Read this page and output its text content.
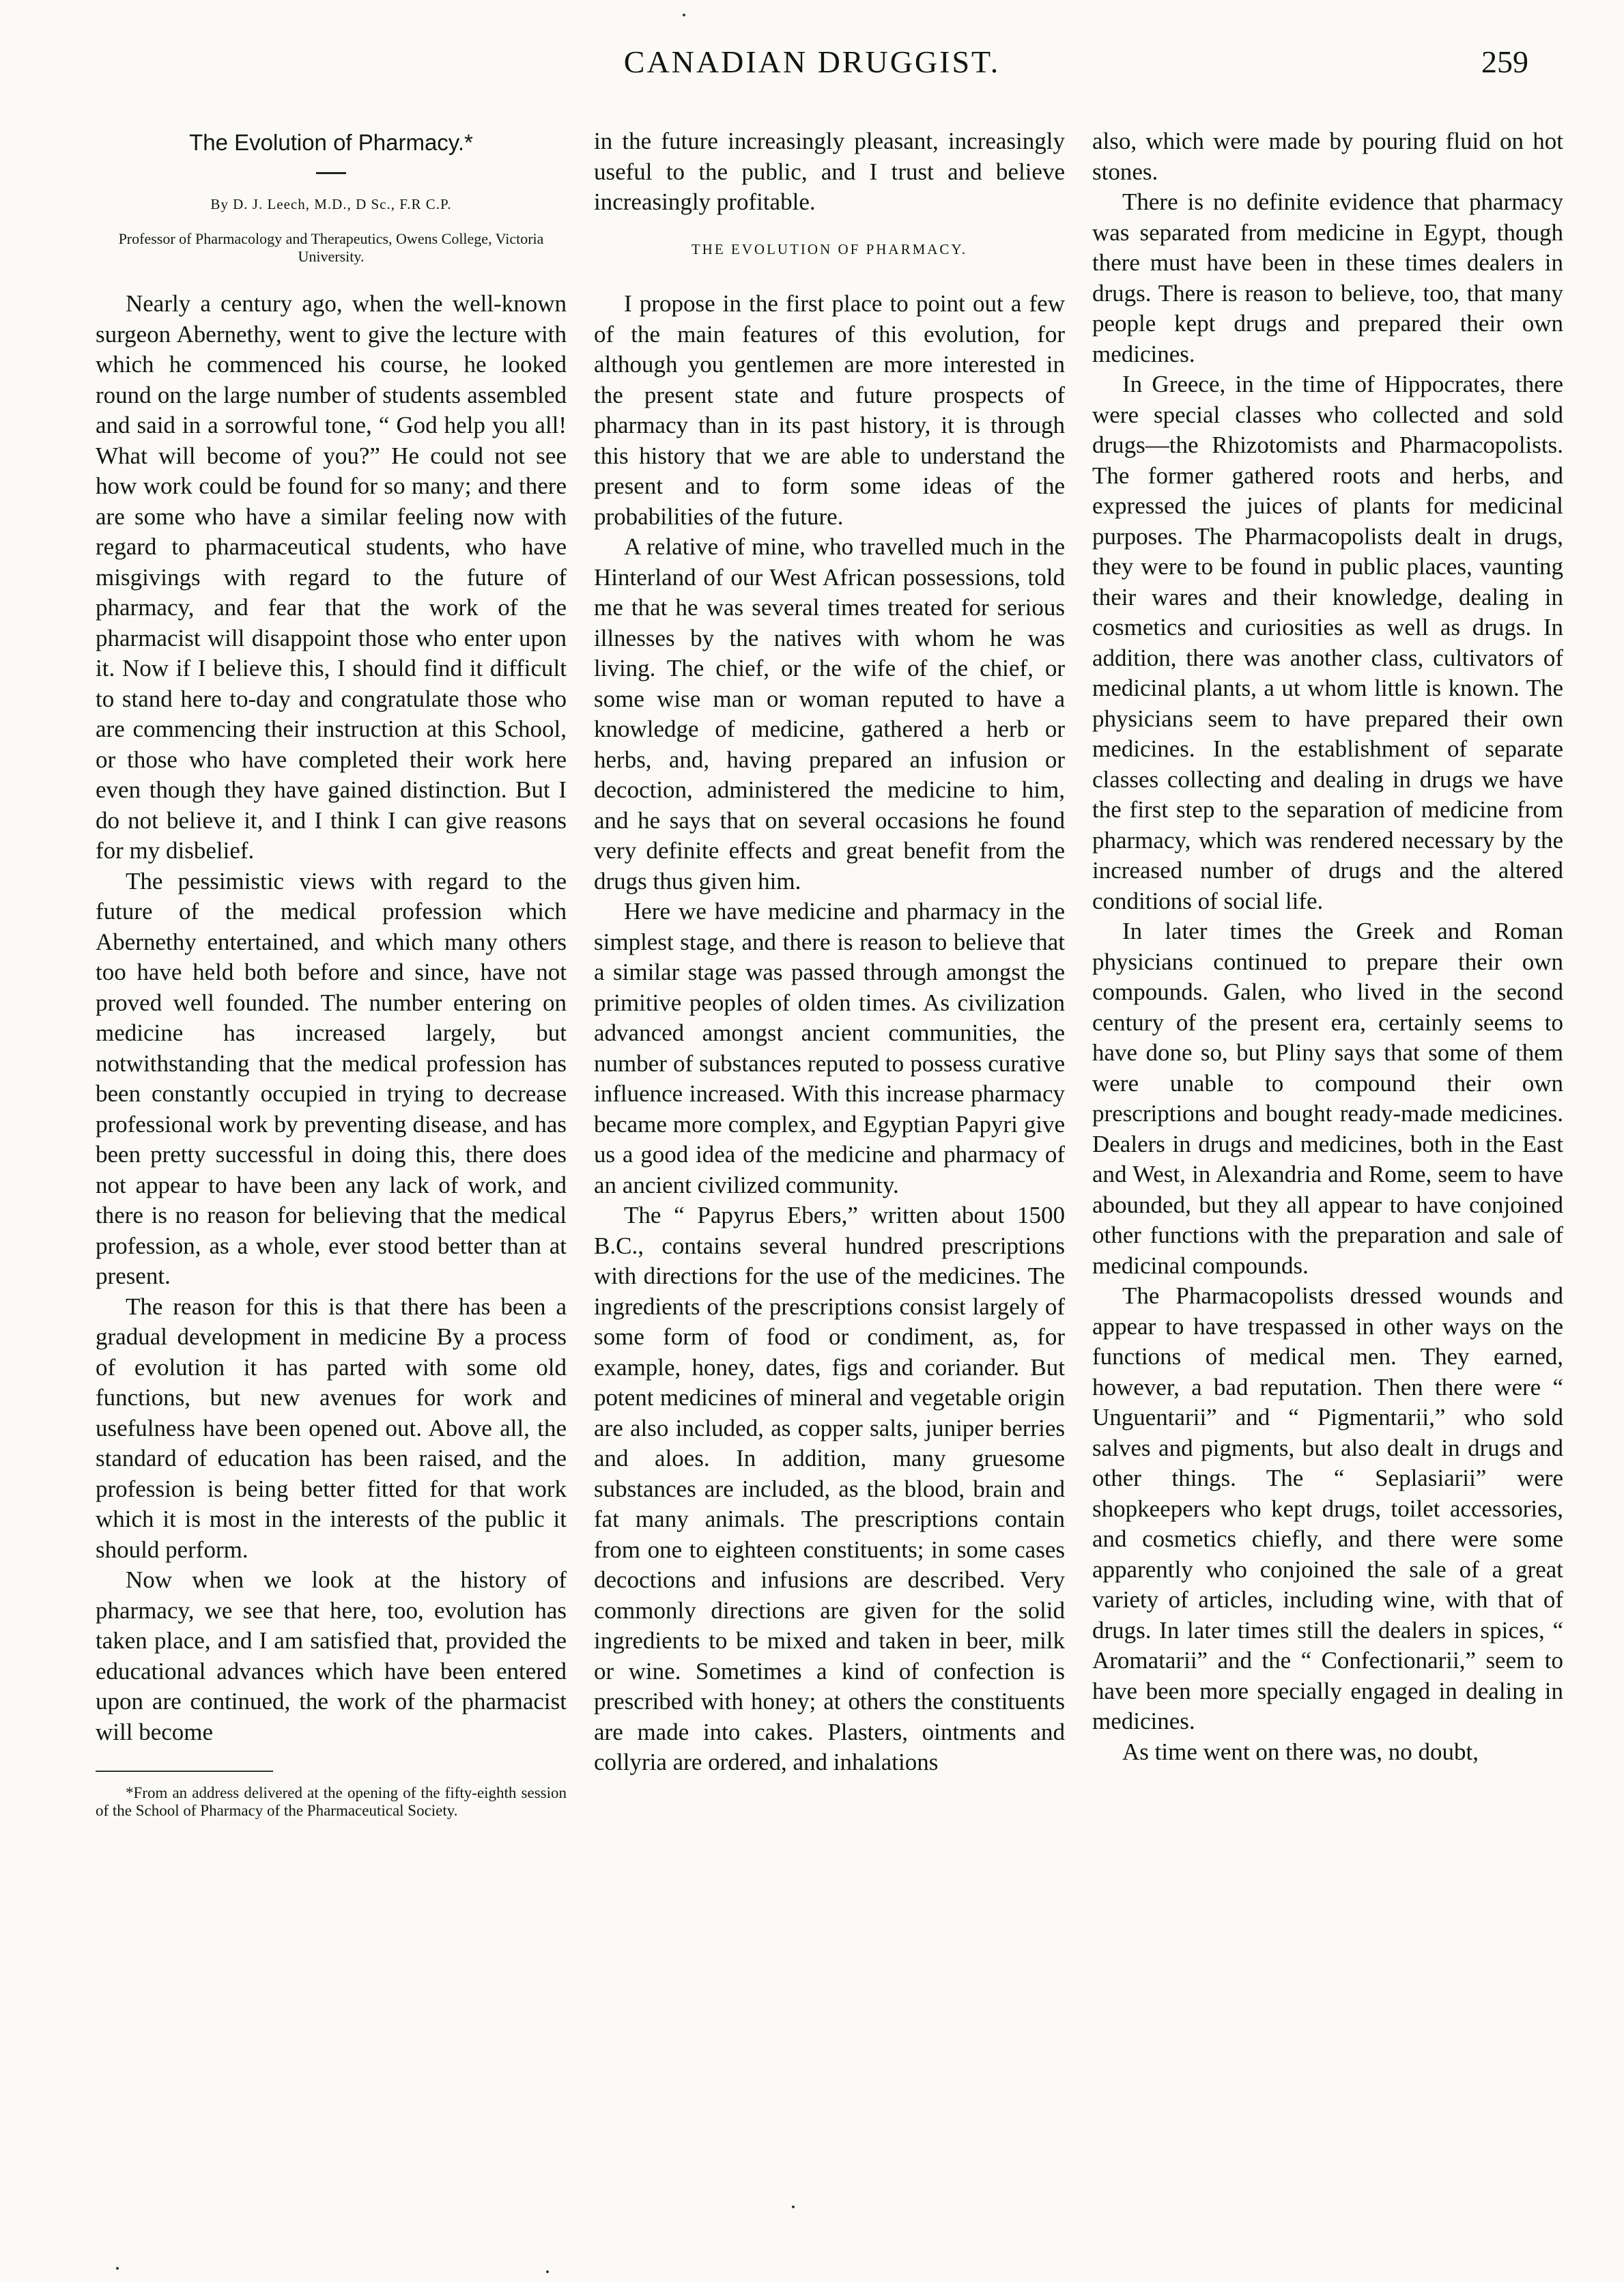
CANADIAN DRUGGIST.	259
The Evolution of Pharmacy.*
By D. J. Leech, M.D., D Sc., F.R C.P.
Professor of Pharmacology and Therapeutics, Owens College, Victoria University.

Nearly a century ago, when the well-known surgeon Abernethy, went to give the lecture with which he commenced his course, he looked round on the large number of students assembled and said in a sorrowful tone, “ God help you all! What will become of you?” He could not see how work could be found for so many; and there are some who have a similar feeling now with regard to pharmaceutical students, who have misgivings with regard to the future of pharmacy, and fear that the work of the pharmacist will disappoint those who enter upon it. Now if I believe this, I should find it difficult to stand here to-day and congratulate those who are commencing their instruction at this School, or those who have completed their work here even though they have gained distinction. But I do not believe it, and I think I can give reasons for my disbelief.

The pessimistic views with regard to the future of the medical profession which Abernethy entertained, and which many others too have held both before and since, have not proved well founded. The number entering on medicine has increased largely, but notwithstanding that the medical profession has been constantly occupied in trying to decrease professional work by preventing disease, and has been pretty successful in doing this, there does not appear to have been any lack of work, and there is no reason for believing that the medical profession, as a whole, ever stood better than at present.

The reason for this is that there has been a gradual development in medicine By a process of evolution it has parted with some old functions, but new avenues for work and usefulness have been opened out. Above all, the standard of education has been raised, and the profession is being better fitted for that work which it is most in the interests of the public it should perform.

Now when we look at the history of pharmacy, we see that here, too, evolution has taken place, and I am satisfied that, provided the educational advances which have been entered upon are continued, the work of the pharmacist will become

*From an address delivered at the opening of the fifty-eighth session of the School of Pharmacy of the Pharmaceutical Society.

in the future increasingly pleasant, increasingly useful to the public, and I trust and believe increasingly profitable.

THE EVOLUTION OF PHARMACY.

I propose in the first place to point out a few of the main features of this evolution, for although you gentlemen are more interested in the present state and future prospects of pharmacy than in its past history, it is through this history that we are able to understand the present and to form some ideas of the probabilities of the future.

A relative of mine, who travelled much in the Hinterland of our West African possessions, told me that he was several times treated for serious illnesses by the natives with whom he was living. The chief, or the wife of the chief, or some wise man or woman reputed to have a knowledge of medicine, gathered a herb or herbs, and, having prepared an infusion or decoction, administered the medicine to him, and he says that on several occasions he found very definite effects and great benefit from the drugs thus given him.

Here we have medicine and pharmacy in the simplest stage, and there is reason to believe that a similar stage was passed through amongst the primitive peoples of olden times. As civilization advanced amongst ancient communities, the number of substances reputed to possess curative influence increased. With this increase pharmacy became more complex, and Egyptian Papyri give us a good idea of the medicine and pharmacy of an ancient civilized community.

The “ Papyrus Ebers,” written about 1500 B.C., contains several hundred prescriptions with directions for the use of the medicines. The ingredients of the prescriptions consist largely of some form of food or condiment, as, for example, honey, dates, figs and coriander. But potent medicines of mineral and vegetable origin are also included, as copper salts, juniper berries and aloes. In addition, many gruesome substances are included, as the blood, brain and fat many animals. The prescriptions contain from one to eighteen constituents; in some cases decoctions and infusions are described. Very commonly directions are given for the solid ingredients to be mixed and taken in beer, milk or wine. Sometimes a kind of confection is prescribed with honey; at others the constituents are made into cakes. Plasters, ointments and collyria are ordered, and inhalations

also, which were made by pouring fluid on hot stones.

There is no definite evidence that pharmacy was separated from medicine in Egypt, though there must have been in these times dealers in drugs. There is reason to believe, too, that many people kept drugs and prepared their own medicines.

In Greece, in the time of Hippocrates, there were special classes who collected and sold drugs—the Rhizotomists and Pharmacopolists. The former gathered roots and herbs, and expressed the juices of plants for medicinal purposes. The Pharmacopolists dealt in drugs, they were to be found in public places, vaunting their wares and their knowledge, dealing in cosmetics and curiosities as well as drugs. In addition, there was another class, cultivators of medicinal plants, a ut whom little is known. The physicians seem to have prepared their own medicines. In the establishment of separate classes collecting and dealing in drugs we have the first step to the separation of medicine from pharmacy, which was rendered necessary by the increased number of drugs and the altered conditions of social life.

In later times the Greek and Roman physicians continued to prepare their own compounds. Galen, who lived in the second century of the present era, certainly seems to have done so, but Pliny says that some of them were unable to compound their own prescriptions and bought ready-made medicines. Dealers in drugs and medicines, both in the East and West, in Alexandria and Rome, seem to have abounded, but they all appear to have conjoined other functions with the preparation and sale of medicinal compounds.

The Pharmacopolists dressed wounds and appear to have trespassed in other ways on the functions of medical men. They earned, however, a bad reputation. Then there were “ Unguentarii” and “ Pigmentarii,” who sold salves and pigments, but also dealt in drugs and other things. The “ Seplasiarii” were shopkeepers who kept drugs, toilet accessories, and cosmetics chiefly, and there were some apparently who conjoined the sale of a great variety of articles, including wine, with that of drugs. In later times still the dealers in spices, “ Aromatarii” and the “ Confectionarii,” seem to have been more specially engaged in dealing in medicines.

As time went on there was, no doubt,
